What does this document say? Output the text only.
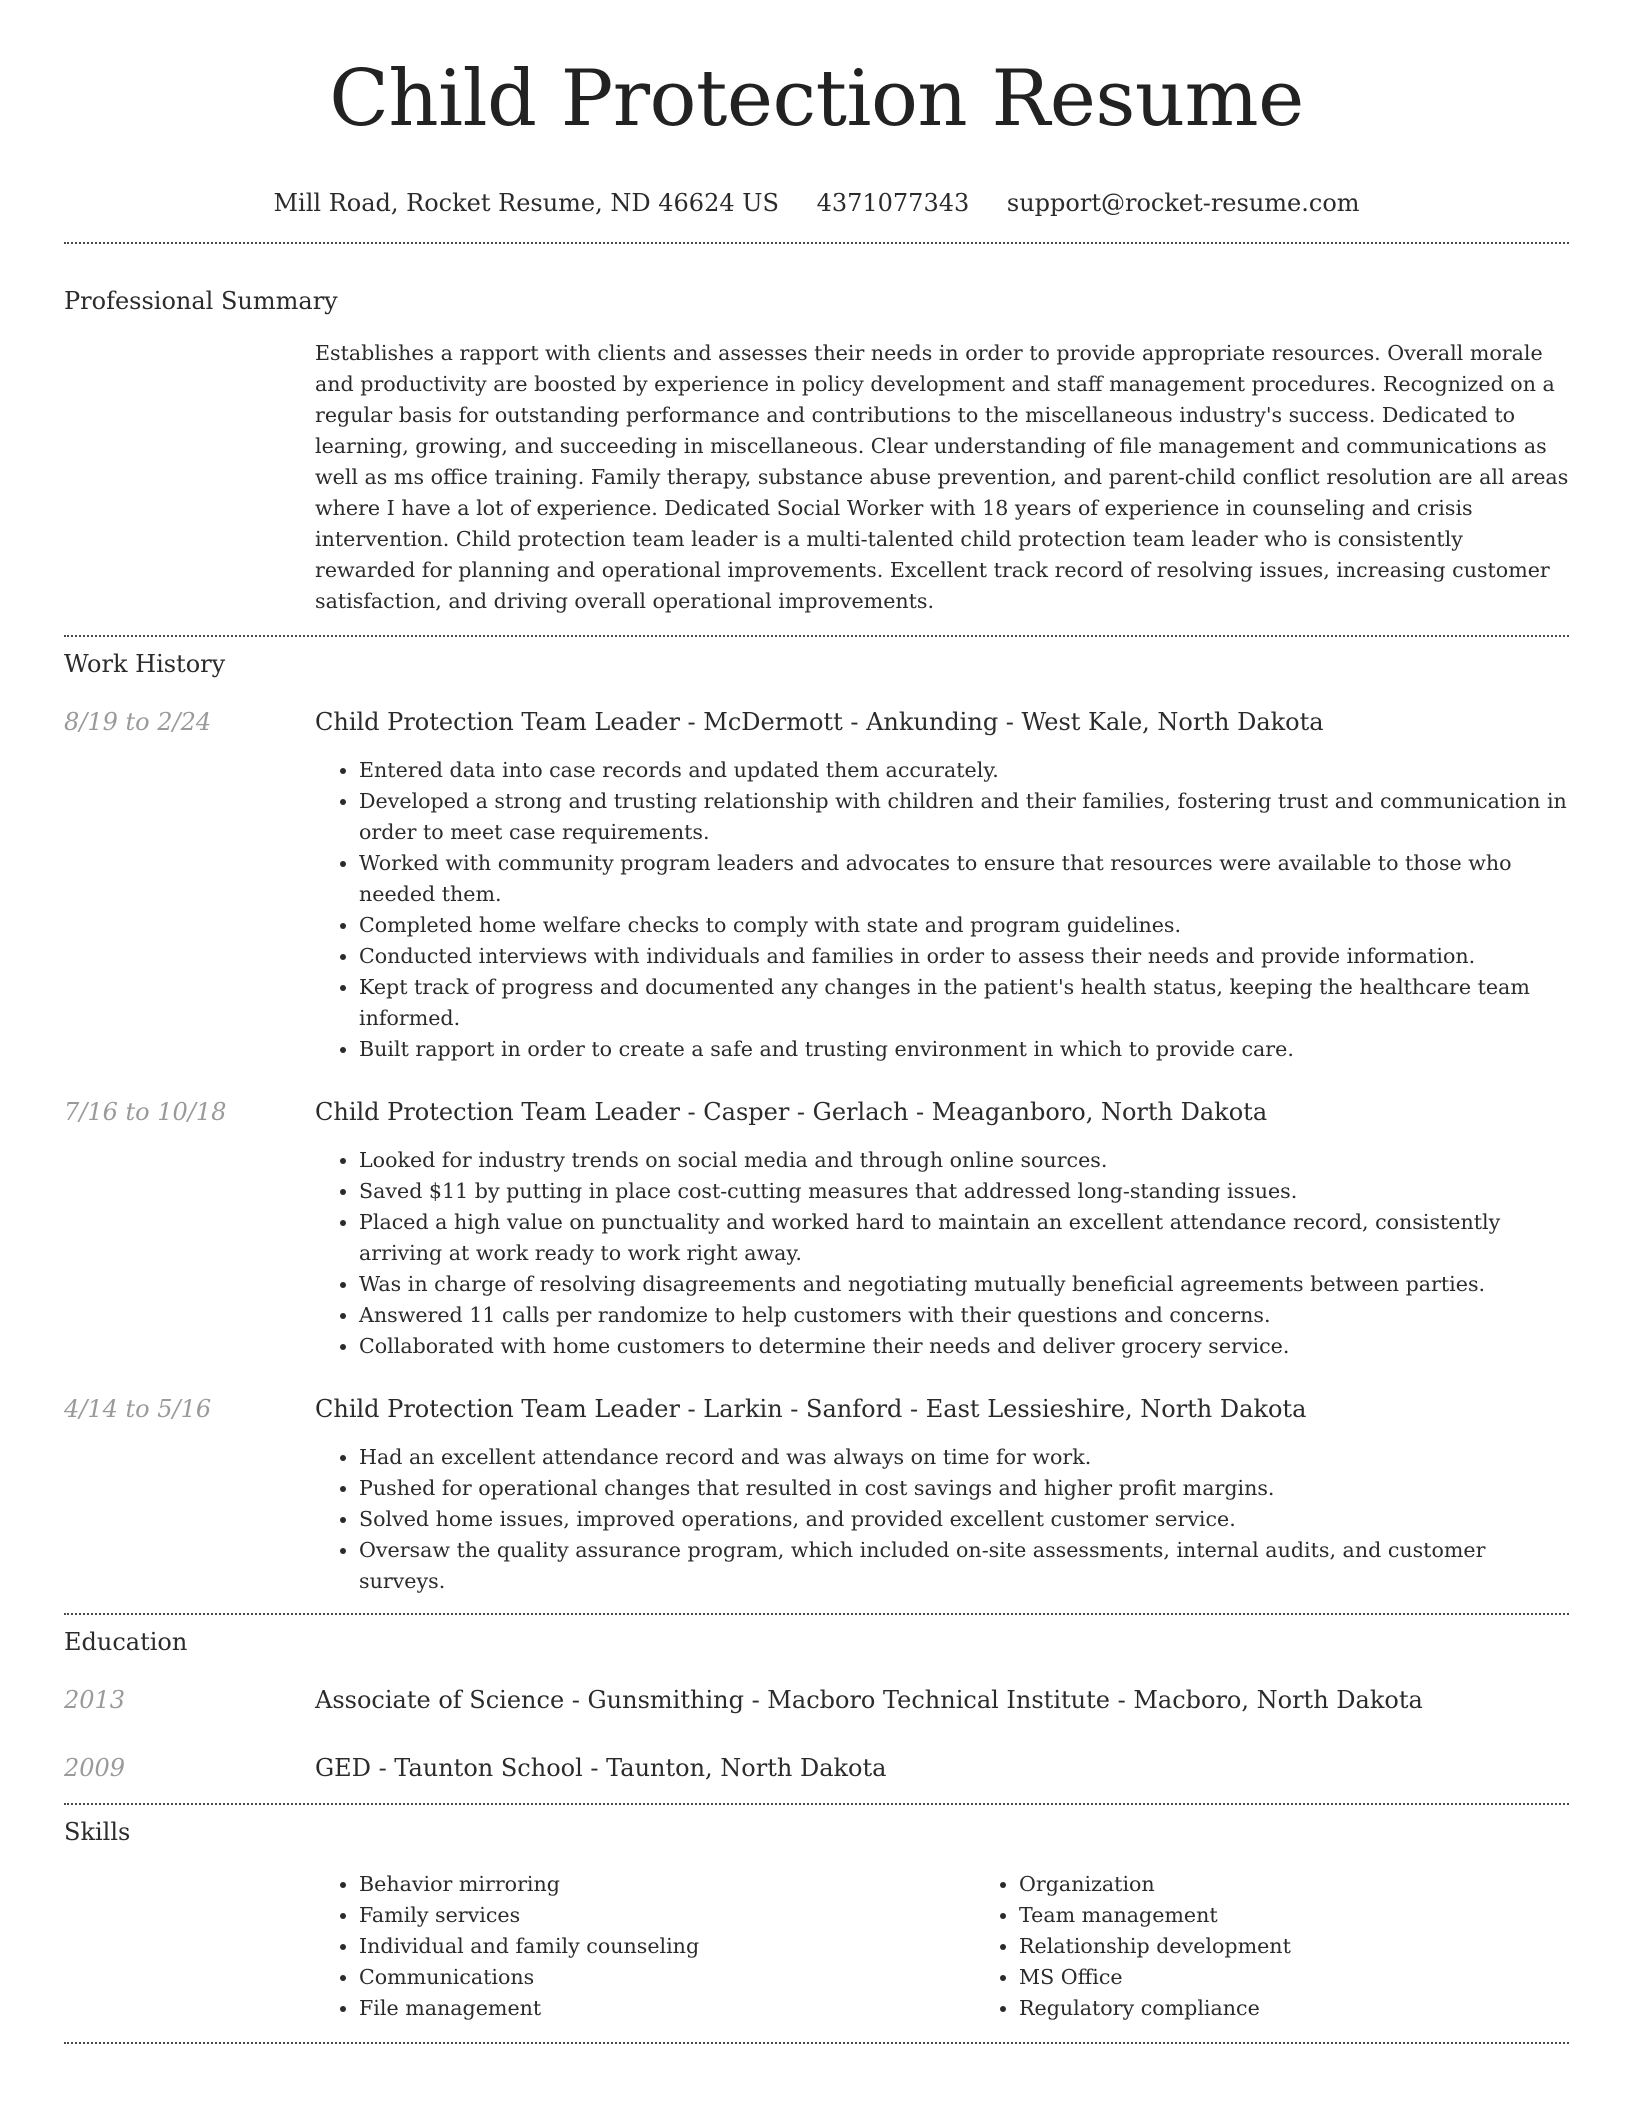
Child Protection Resume
Mill Road, Rocket Resume, ND 46624 US 4371077343 support@rocket-resume.com
Professional Summary
Establishes a rapport with clients and assesses their needs in order to provide appropriate resources. Overall morale and productivity are boosted by experience in policy development and staff management procedures. Recognized on a regular basis for outstanding performance and contributions to the miscellaneous industry's success. Dedicated to learning, growing, and succeeding in miscellaneous. Clear understanding of file management and communications as well as ms office training. Family therapy, substance abuse prevention, and parent-child conflict resolution are all areas where I have a lot of experience. Dedicated Social Worker with 18 years of experience in counseling and crisis intervention. Child protection team leader is a multi-talented child protection team leader who is consistently rewarded for planning and operational improvements. Excellent track record of resolving issues, increasing customer satisfaction, and driving overall operational improvements.
Work History
8/19 to 2/24	Child Protection Team Leader - McDermott - Ankunding - West Kale, North Dakota
• Entered data into case records and updated them accurately.
• Developed a strong and trusting relationship with children and their families, fostering trust and communication in order to meet case requirements.
• Worked with community program leaders and advocates to ensure that resources were available to those who needed them.
• Completed home welfare checks to comply with state and program guidelines.
• Conducted interviews with individuals and families in order to assess their needs and provide information.
• Kept track of progress and documented any changes in the patient's health status, keeping the healthcare team informed.
• Built rapport in order to create a safe and trusting environment in which to provide care.
7/16 to 10/18	Child Protection Team Leader - Casper - Gerlach - Meaganboro, North Dakota
• Looked for industry trends on social media and through online sources.
• Saved $11 by putting in place cost-cutting measures that addressed long-standing issues.
• Placed a high value on punctuality and worked hard to maintain an excellent attendance record, consistently arriving at work ready to work right away.
• Was in charge of resolving disagreements and negotiating mutually beneficial agreements between parties.
• Answered 11 calls per randomize to help customers with their questions and concerns.
• Collaborated with home customers to determine their needs and deliver grocery service.
4/14 to 5/16	Child Protection Team Leader - Larkin - Sanford - East Lessieshire, North Dakota
• Had an excellent attendance record and was always on time for work.
• Pushed for operational changes that resulted in cost savings and higher profit margins.
• Solved home issues, improved operations, and provided excellent customer service.
• Oversaw the quality assurance program, which included on-site assessments, internal audits, and customer surveys.
Education
2013	Associate of Science - Gunsmithing - Macboro Technical Institute - Macboro, North Dakota
2009	GED - Taunton School - Taunton, North Dakota
Skills
• Behavior mirroring
• Family services
• Individual and family counseling
• Communications
• File management
• Organization
• Team management
• Relationship development
• MS Office
• Regulatory compliance
